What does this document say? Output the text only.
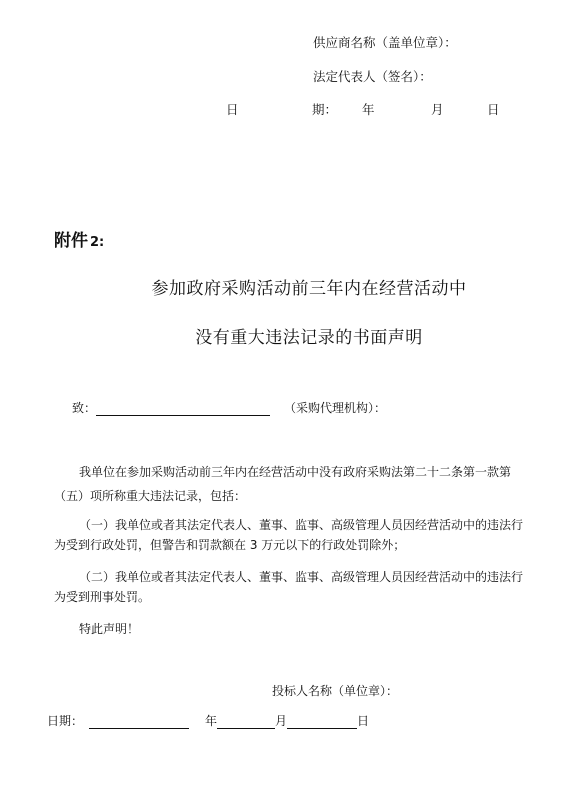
供应商名称（盖单位章）：
法定代表人（签名）：
日	期： 年	月	日
附件 2:
参加政府采购活动前三年内在经营活动中
没有重大违法记录的书面声明
致：	（采购代理机构）：
我单位在参加采购活动前三年内在经营活动中没有政府采购法第二十二条第一款第
（五）项所称重大违法记录，包括：
（一）我单位或者其法定代表人、董事、监事、高级管理人员因经营活动中的违法行
为受到行政处罚，但警告和罚款额在 3 万元以下的行政处罚除外；
（二）我单位或者其法定代表人、董事、监事、高级管理人员因经营活动中的违法行
为受到刑事处罚。
特此声明！
投标人名称（单位章）：
日期：	年	月	日
